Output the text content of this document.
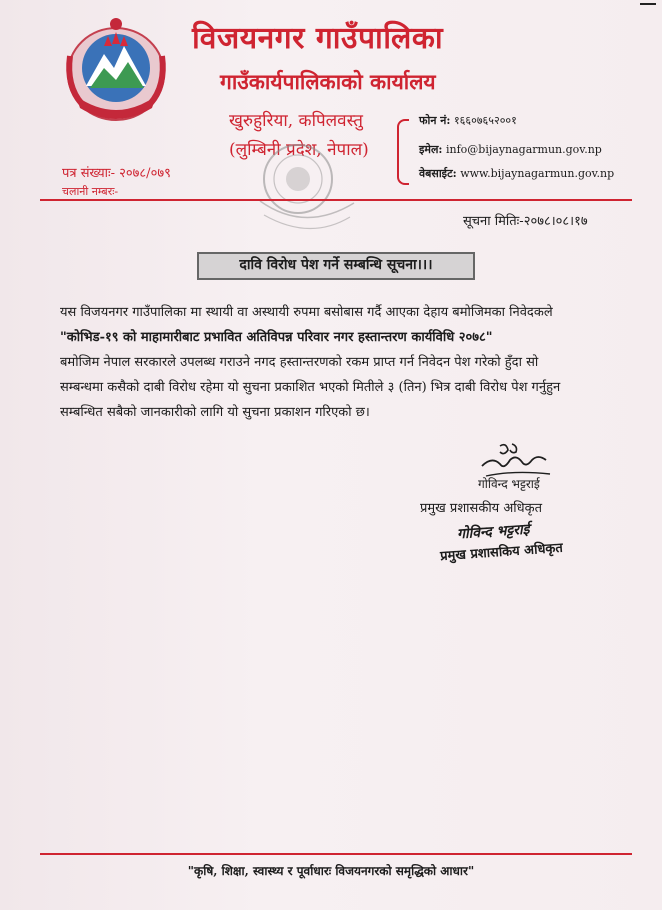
विजयनगर गाउँपालिका
गाउँकार्यपालिकाको कार्यालय
खुरुहुरिया, कपिलवस्तु
(लुम्बिनी प्रदेश, नेपाल)
फोन नं: १६६०७६५२००१
इमेल: info@bijaynagarmun.gov.np
वेबसाईट: www.bijaynagarmun.gov.np
पत्र संख्याः- २०७८/०७९
चलानी नम्बरः-
सूचना मितिः-२०७८।०८।१७
दावि विरोध पेश गर्ने सम्बन्धि सूचना।।।
यस विजयनगर गाउँपालिका मा स्थायी वा अस्थायी रुपमा बसोबास गर्दै आएका देहाय बमोजिमका निवेदकले
"कोभिड-१९ को माहामारीबाट प्रभावित अतिविपन्न परिवार नगर हस्तान्तरण कार्यविधि २०७८"
बमोजिम नेपाल सरकारले उपलब्ध गराउने नगद हस्तान्तरणको रकम प्राप्त गर्न निवेदन पेश गरेको हुँदा सो
सम्बन्धमा कसैको दाबी विरोध रहेमा यो सुचना प्रकाशित भएको मितीले ३ (तिन) भित्र दाबी विरोध पेश गर्नुहुन
सम्बन्धित सबैको जानकारीको लागि यो सुचना प्रकाशन गरिएको छ।
गोविन्द भट्टराई
प्रमुख प्रशासकीय अधिकृत
गोविन्द भट्टराई
प्रमुख प्रशासकिय अधिकृत
"कृषि, शिक्षा, स्वास्थ्य र पूर्वाधारः विजयनगरको समृद्धिको आधार"
